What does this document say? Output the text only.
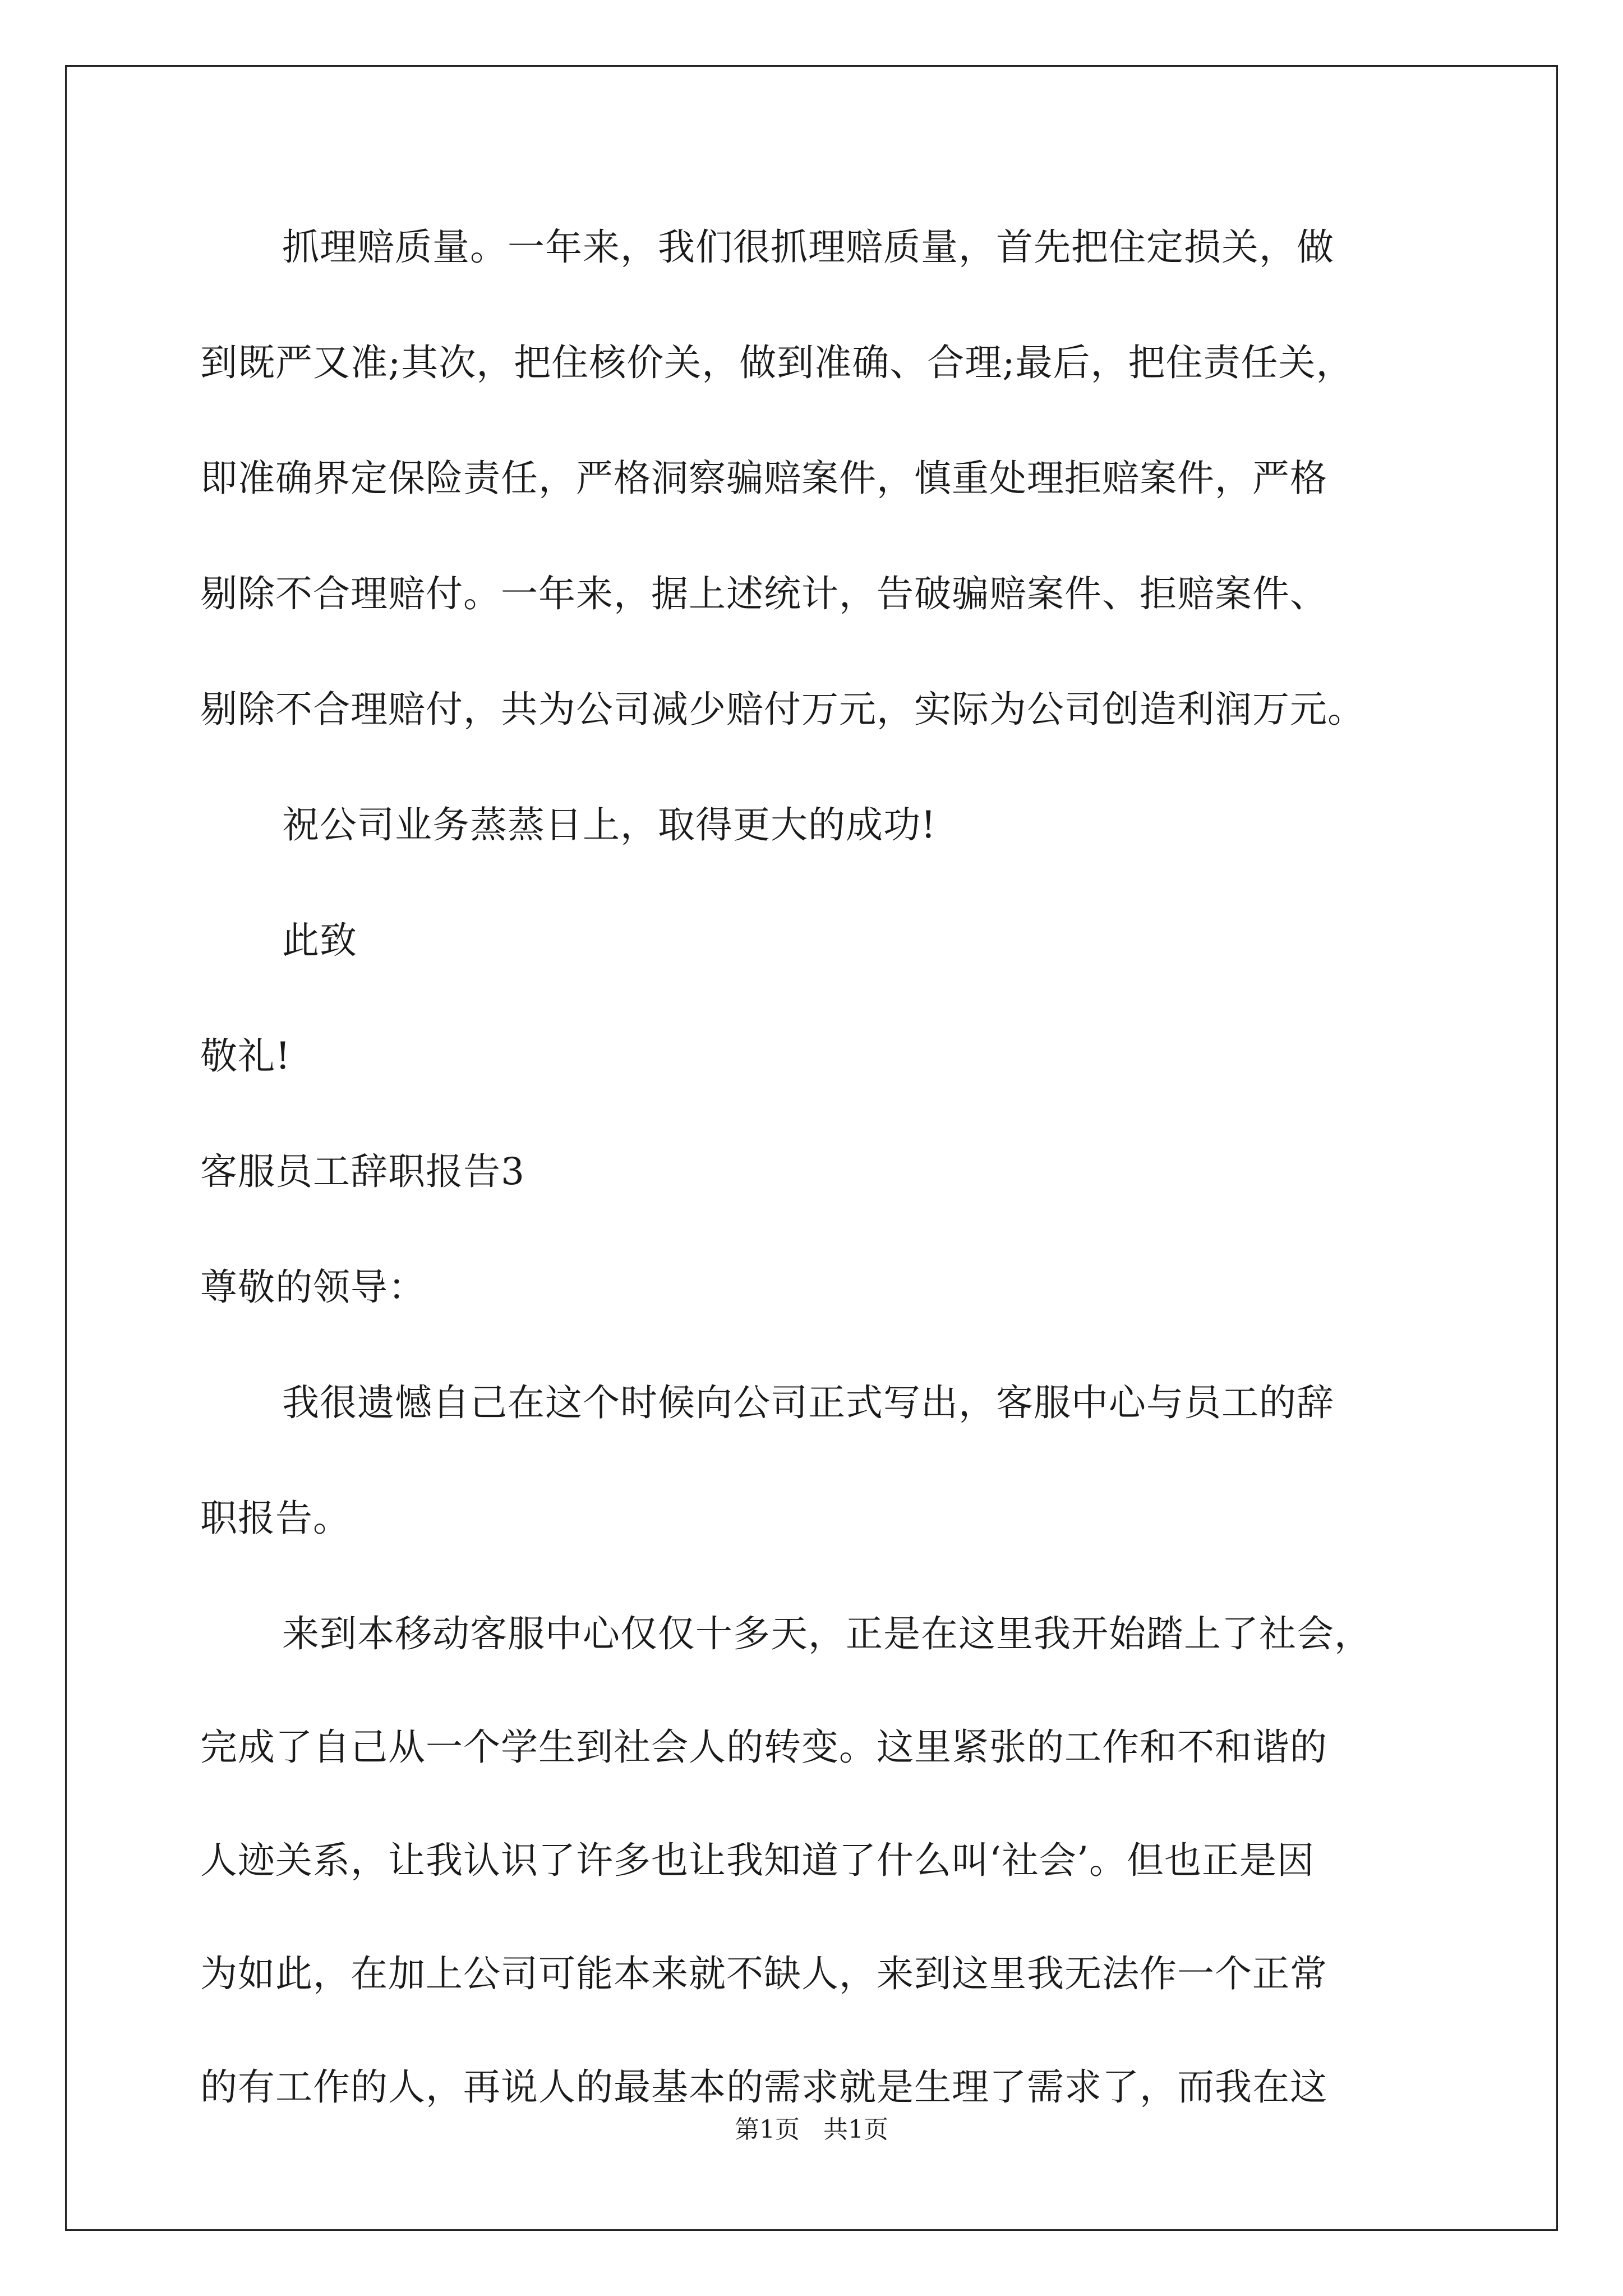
抓理赔质量。一年来，我们很抓理赔质量，首先把住定损关，做
到既严又准;其次，把住核价关，做到准确、合理;最后，把住责任关，
即准确界定保险责任，严格洞察骗赔案件，慎重处理拒赔案件，严格
剔除不合理赔付。一年来，据上述统计，告破骗赔案件、拒赔案件、
剔除不合理赔付，共为公司减少赔付万元，实际为公司创造利润万元。
祝公司业务蒸蒸日上，取得更大的成功!
此致
敬礼!
客服员工辞职报告3
尊敬的领导：
我很遗憾自己在这个时候向公司正式写出，客服中心与员工的辞
职报告。
来到本移动客服中心仅仅十多天，正是在这里我开始踏上了社会，
完成了自己从一个学生到社会人的转变。这里紧张的工作和不和谐的
人迹关系，让我认识了许多也让我知道了什么叫‘社会’。但也正是因
为如此，在加上公司可能本来就不缺人，来到这里我无法作一个正常
的有工作的人，再说人的最基本的需求就是生理了需求了，而我在这
第1页   共1页
